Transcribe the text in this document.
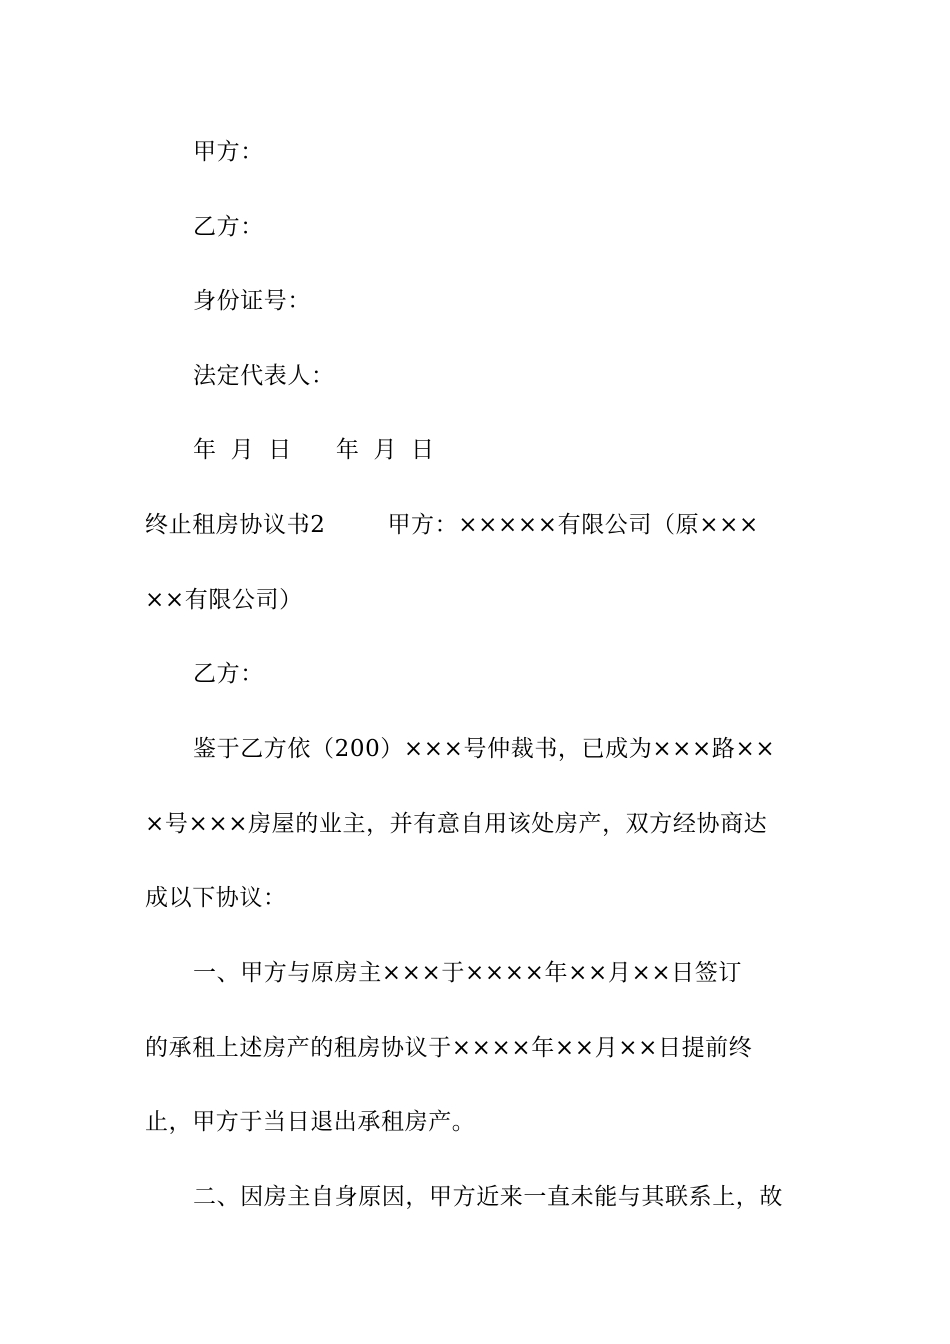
甲方：
乙方：
身份证号：
法定代表人：
年 月 日 年 月 日
终止租房协议书2	甲方：×××××有限公司（原×××
××有限公司）
乙方：
鉴于乙方依（200）×××号仲裁书，已成为×××路××
×号×××房屋的业主，并有意自用该处房产，双方经协商达
成以下协议：
一、甲方与原房主×××于××××年××月××日签订
的承租上述房产的租房协议于××××年××月××日提前终
止，甲方于当日退出承租房产。
二、因房主自身原因，甲方近来一直未能与其联系上，故
